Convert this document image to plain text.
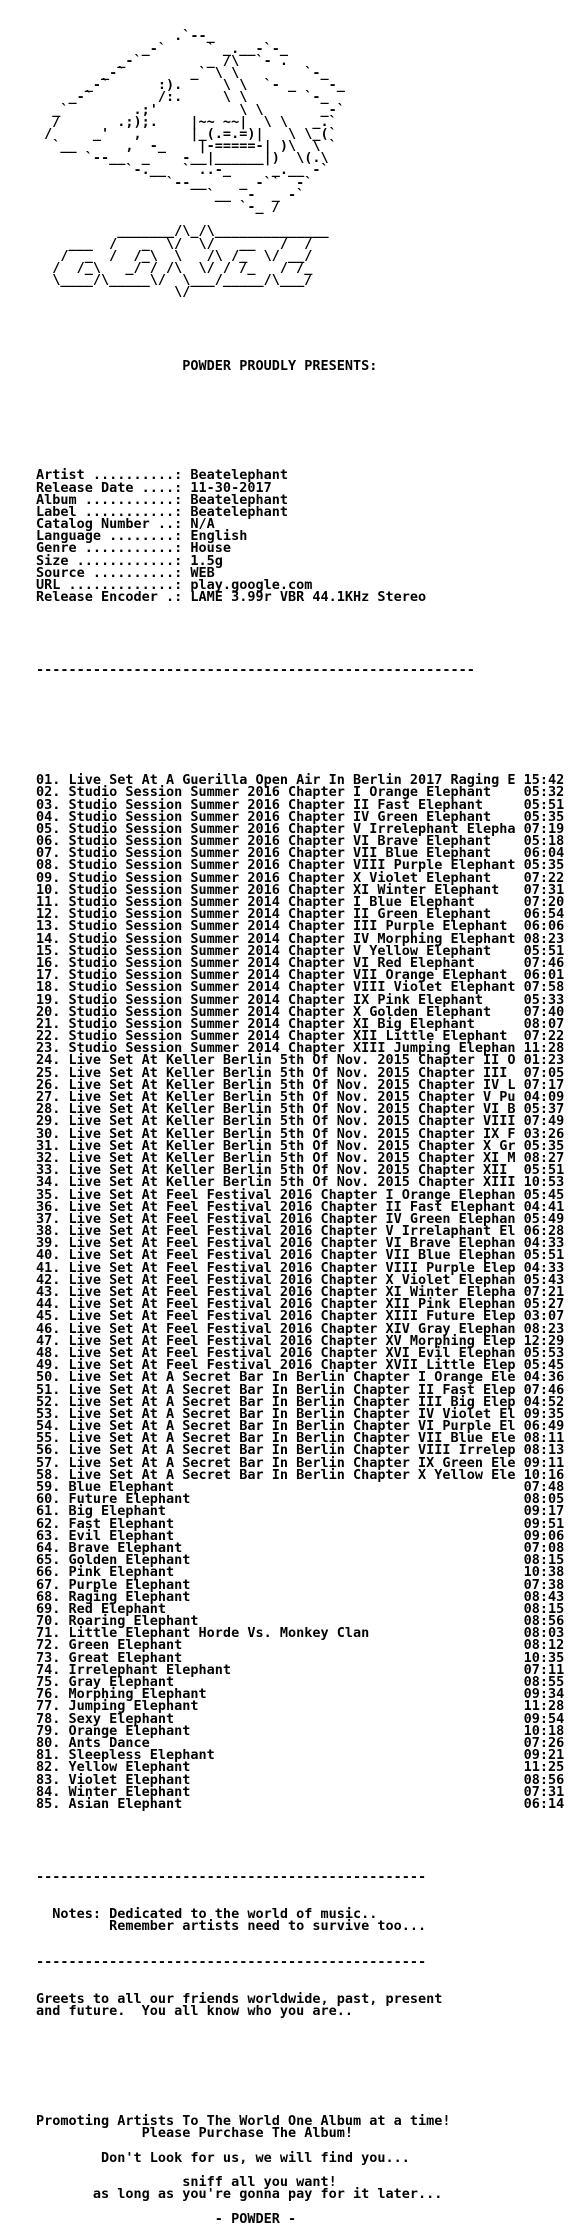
.`--_
_-`     ` _.__-`-_
_-`        _ /\  `- .
_-`        _` \ \        `-_
_-`      :).     \ \  `- _    -_
_-`        /:.     \ \       `-_
_`        .;'          \ \       _-`
/       .;);.    |~~ ~~|  \ \   _.`
/     _'   ,      |_(.=.=)|   \ \_(`
`__      ,  -_    |-=====-| )\  \ `
`--__  _    -__|______|)  \(.\
`-.__  ` ..-_     _.__ -`
`--__    _ -``  -`
`__  -  _ -`
`-_ /

_______/\_/\______________
___  /   _  \/  \/   __   /  /
/  _  /  /_\  \   /\ /_  \/ __/
/  /_\   _/ / /\  \/ / /_   / /_
\____/\_____\/  \___/_____/\___/
\/

POWDER PROUDLY PRESENTS:

Artist ..........: Beatelephant
Release Date ....: 11-30-2017
Album ...........: Beatelephant
Label ...........: Beatelephant
Catalog Number ..: N/A
Language ........: English
Genre ...........: House
Size ............: 1.5g
Source ..........: WEB
URL .............: play.google.com
Release Encoder .: LAME 3.99r VBR 44.1KHz Stereo

------------------------------------------------------

01. Live Set At A Guerilla Open Air In Berlin 2017 Raging E 15:42
02. Studio Session Summer 2016 Chapter I Orange Elephant    05:32
03. Studio Session Summer 2016 Chapter II Fast Elephant     05:51
04. Studio Session Summer 2016 Chapter IV Green Elephant    05:35
05. Studio Session Summer 2016 Chapter V Irrelephant Elepha 07:19
06. Studio Session Summer 2016 Chapter VI Brave Elephant    05:18
07. Studio Session Summer 2016 Chapter VII Blue Elephant    06:04
08. Studio Session Summer 2016 Chapter VIII Purple Elephant 05:35
09. Studio Session Summer 2016 Chapter X Violet Elephant    07:22
10. Studio Session Summer 2016 Chapter XI Winter Elephant   07:31
11. Studio Session Summer 2014 Chapter I Blue Elephant      07:20
12. Studio Session Summer 2014 Chapter II Green Elephant    06:54
13. Studio Session Summer 2014 Chapter III Purple Elephant  06:06
14. Studio Session Summer 2014 Chapter IV Morphing Elephant 08:23
15. Studio Session Summer 2014 Chapter V Yellow Elephant    05:51
16. Studio Session Summer 2014 Chapter VI Red Elephant      07:46
17. Studio Session Summer 2014 Chapter VII Orange Elephant  06:01
18. Studio Session Summer 2014 Chapter VIII Violet Elephant 07:58
19. Studio Session Summer 2014 Chapter IX Pink Elephant     05:33
20. Studio Session Summer 2014 Chapter X Golden Elephant    07:40
21. Studio Session Summer 2014 Chapter XI Big Elephant      08:07
22. Studio Session Summer 2014 Chapter XII Little Elephant  07:22
23. Studio Session Summer 2014 Chapter XIII Jumping Elephan 11:28
24. Live Set At Keller Berlin 5th Of Nov. 2015 Chapter II O 01:23
25. Live Set At Keller Berlin 5th Of Nov. 2015 Chapter III  07:05
26. Live Set At Keller Berlin 5th Of Nov. 2015 Chapter IV L 07:17
27. Live Set At Keller Berlin 5th Of Nov. 2015 Chapter V Pu 04:09
28. Live Set At Keller Berlin 5th Of Nov. 2015 Chapter VI B 05:37
29. Live Set At Keller Berlin 5th Of Nov. 2015 Chapter VIII 07:49
30. Live Set At Keller Berlin 5th Of Nov. 2015 Chapter IX F 03:26
31. Live Set At Keller Berlin 5th Of Nov. 2015 Chapter X Gr 05:35
32. Live Set At Keller Berlin 5th Of Nov. 2015 Chapter XI M 08:27
33. Live Set At Keller Berlin 5th Of Nov. 2015 Chapter XII  05:51
34. Live Set At Keller Berlin 5th Of Nov. 2015 Chapter XIII 10:53
35. Live Set At Feel Festival 2016 Chapter I Orange Elephan 05:45
36. Live Set At Feel Festival 2016 Chapter II Fast Elephant 04:41
37. Live Set At Feel Festival 2016 Chapter IV Green Elephan 05:49
38. Live Set At Feel Festival 2016 Chapter V Irrelaphant El 06:28
39. Live Set At Feel Festival 2016 Chapter VI Brave Elephan 04:33
40. Live Set At Feel Festival 2016 Chapter VII Blue Elephan 05:51
41. Live Set At Feel Festival 2016 Chapter VIII Purple Elep 04:33
42. Live Set At Feel Festival 2016 Chapter X Violet Elephan 05:43
43. Live Set At Feel Festival 2016 Chapter XI Winter Elepha 07:21
44. Live Set At Feel Festival 2016 Chapter XII Pink Elephan 05:27
45. Live Set At Feel Festival 2016 Chapter XIII Future Elep 03:07
46. Live Set At Feel Festival 2016 Chapter XIV Gray Elephan 08:23
47. Live Set At Feel Festival 2016 Chapter XV Morphing Elep 12:29
48. Live Set At Feel Festival 2016 Chapter XVI Evil Elephan 05:53
49. Live Set At Feel Festival 2016 Chapter XVII Little Elep 05:45
50. Live Set At A Secret Bar In Berlin Chapter I Orange Ele 04:36
51. Live Set At A Secret Bar In Berlin Chapter II Fast Elep 07:46
52. Live Set At A Secret Bar In Berlin Chapter III Big Elep 04:52
53. Live Set At A Secret Bar In Berlin Chapter IV Violet El 09:35
54. Live Set At A Secret Bar In Berlin Chapter VI Purple El 06:49
55. Live Set At A Secret Bar In Berlin Chapter VII Blue Ele 08:11
56. Live Set At A Secret Bar In Berlin Chapter VIII Irrelep 08:13
57. Live Set At A Secret Bar In Berlin Chapter IX Green Ele 09:11
58. Live Set At A Secret Bar In Berlin Chapter X Yellow Ele 10:16
59. Blue Elephant                                           07:48
60. Future Elephant                                         08:05
61. Big Elephant                                            09:17
62. Fast Elephant                                           09:51
63. Evil Elephant                                           09:06
64. Brave Elephant                                          07:08
65. Golden Elephant                                         08:15
66. Pink Elephant                                           10:38
67. Purple Elephant                                         07:38
68. Raging Elephant                                         08:43
69. Red Elephant                                            08:15
70. Roaring Elephant                                        08:56
71. Little Elephant Horde Vs. Monkey Clan                   08:03
72. Green Elephant                                          08:12
73. Great Elephant                                          10:35
74. Irrelephant Elephant                                    07:11
75. Gray Elephant                                           08:55
76. Morphing Elephant                                       09:34
77. Jumping Elephant                                        11:28
78. Sexy Elephant                                           09:54
79. Orange Elephant                                         10:18
80. Ants Dance                                              07:26
81. Sleepless Elephant                                      09:21
82. Yellow Elephant                                         11:25
83. Violet Elephant                                         08:56
84. Winter Elephant                                         07:31
85. Asian Elephant                                          06:14

------------------------------------------------

Notes: Dedicated to the world of music..
Remember artists need to survive too...

------------------------------------------------

Greets to all our friends worldwide, past, present
and future.  You all know who you are..

Promoting Artists To The World One Album at a time!
Please Purchase The Album!
Don't Look for us, we will find you...
sniff all you want!
as long as you're gonna pay for it later...
- POWDER -
